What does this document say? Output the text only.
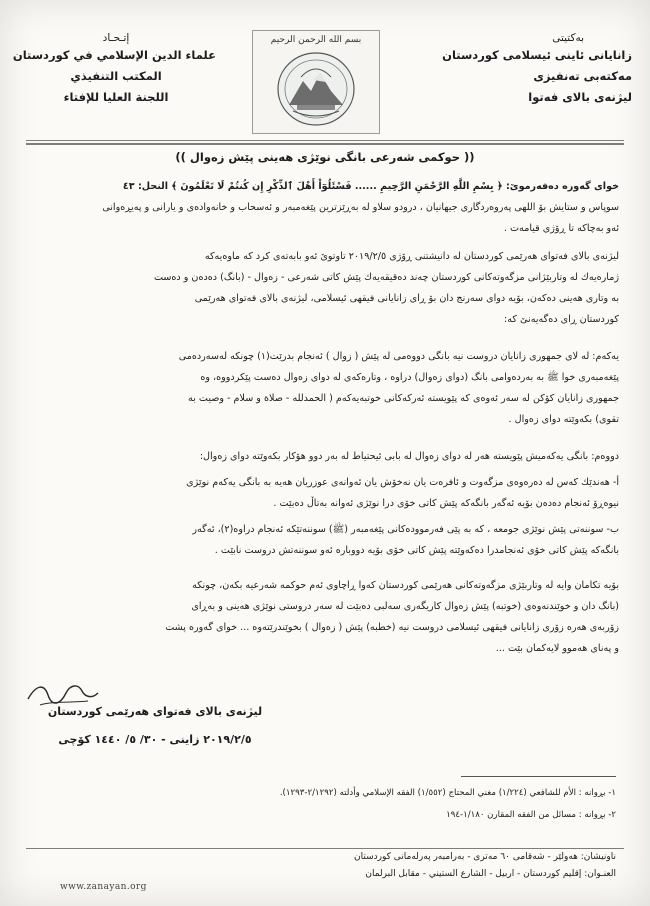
بەكتيتى
زانایانی ئاینی ئیسلامی کوردستان
مەکتەبی تەنفیزی
لیژنەی بالای فەتوا
بسم الله الرحمن الرحيم
إتـحـاد
علماء الدين الإسلامي في كوردستان
المكتب التنفيذي
اللجنة العليا للإفتاء
(( حوکمی شەرعی بانگی نوێژی هەینی پێش زەوال ))
خوای گەورە دەفەرموێ: ﴿ بِسْمِ اللَّهِ الرَّحْمَنِ الرَّحِيمِ ...... فَسْئَلُوٓاْ أَهْلَ ٱلذِّكْرِ إِن كُنتُمْ لَا تَعْلَمُونَ ﴾ النحل: ٤٣
سوپاس و ستایش بۆ اللهی پەروەردگاری جیهانیان ، درودو سلاو لە بەڕێزترین پێغەمبەر و ئەسحاب و خانەوادەی و یارانی و پەیڕەوانی
ئەو بەچاکە تا ڕۆژی قیامەت .
لیژنەی بالای فەتوای هەرێمی کوردستان لە دانیشتنی ڕۆژی ٢٠١٩/٢/٥ تاوتوێ ئەو بابەتەی کرد کە ماوەیەکە
ژمارەیەك لە وتاربێژانی مزگەوتەکانی کوردستان چەند دەقیقەیەك پێش کاتی شەرعی - زەوال - (بانگ) دەدەن و دەست
بە وتاری هەینی دەکەن، بۆیە دوای سەرنج دان بۆ ڕای زانایانی فیقهی ئیسلامی، لیژنەی بالای فەتوای هەرێمی
کوردستان ڕای دەگەیەنێ کە:
یەکەم: لە لای جمهوری زانایان دروست نیە بانگی دووەمی لە پێش ( زوال ) ئەنجام بدرێت(١) چونکە لەسەردەمی
پێغەمبەری خوا ﷺ بە بەردەوامی بانگ (دوای زەوال) دراوە ، وتارەکەی لە دوای زەوال دەست پێکردووە، وە
جمهوری زانایان کۆکن لە سەر ئەوەی کە پێویستە ئەرکەکانی خوتبەیەکەم ( الحمدلله - صلاة و سلام - وصیت به
تقوی) بکەوێتە دوای زەوال .
دووەم: بانگی یەکەمیش پێویستە هەر لە دوای زەوال لە بابی ئیحتیاط لە بەر دوو هۆکار بکەوێتە دوای زەوال:
أ- هەندێك کەس لە دەرەوەی مزگەوت و ئافرەت یان نەخۆش یان ئەوانەی عوزریان هەیە بە بانگی یەکەم نوێژی
نیوەڕۆ ئەنجام دەدەن بۆیە ئەگەر بانگەکە پێش کاتی خۆی درا نوێژی ئەوانە بەتاڵ دەبێت .
ب- سوننەتی پێش نوێژی جومعە ، کە بە پێی فەرموودەکانی پێغەمبەر (ﷺ) سوننەتێکە ئەنجام دراوە(٢)، ئەگەر
بانگەکە پێش کاتی خۆی ئەنجامدرا دەکەوێتە پێش کاتی خۆی بۆیە دووبارە ئەو سوننەتش دروست نابێت .
بۆیە تکامان وایە لە وتاربێژی مزگەوتەکانی هەرێمی کوردستان کەوا ڕاچاوی ئەم حوکمە شەرعیە بکەن، چونکە
(بانگ دان و خوێندنەوەی (خوتبە) پێش زەوال کاریگەری سەلبی دەبێت لە سەر دروستی نوێژی هەینی و بەڕای
زۆربەی هەرە زۆری زانایانی فیقهی ئیسلامی دروست نیە (خطبە) پێش ( زەوال ) بخوێندرێتەوە ... خوای گەورە پشت
و پەنای هەموو لایەکمان بێت ...
لیژنەی بالای فەتوای هەرێمی کوردستان
٢٠١٩/٢/٥ زاینی - ٣٠/ ٥/ ١٤٤٠ کۆچی
١- بڕوانە : الأم للشافعي (١/٢٢٤) مغني المحتاج (١/٥٥٢) الفقه الإسلامي وأدلته (٢/١٢٩٢-١٢٩٣).
٢- بڕوانە : مسائل من الفقه المقارن ١/١٨٠-١٩٤
ناونیشان: هەولێر - شەقامی ٦٠ مەتری - بەرامبەر پەرلەمانی کوردستان
العنـوان: إقليم كوردستان - اربيل - الشارع الستيني - مقابل البرلمان
www.zanayan.org
